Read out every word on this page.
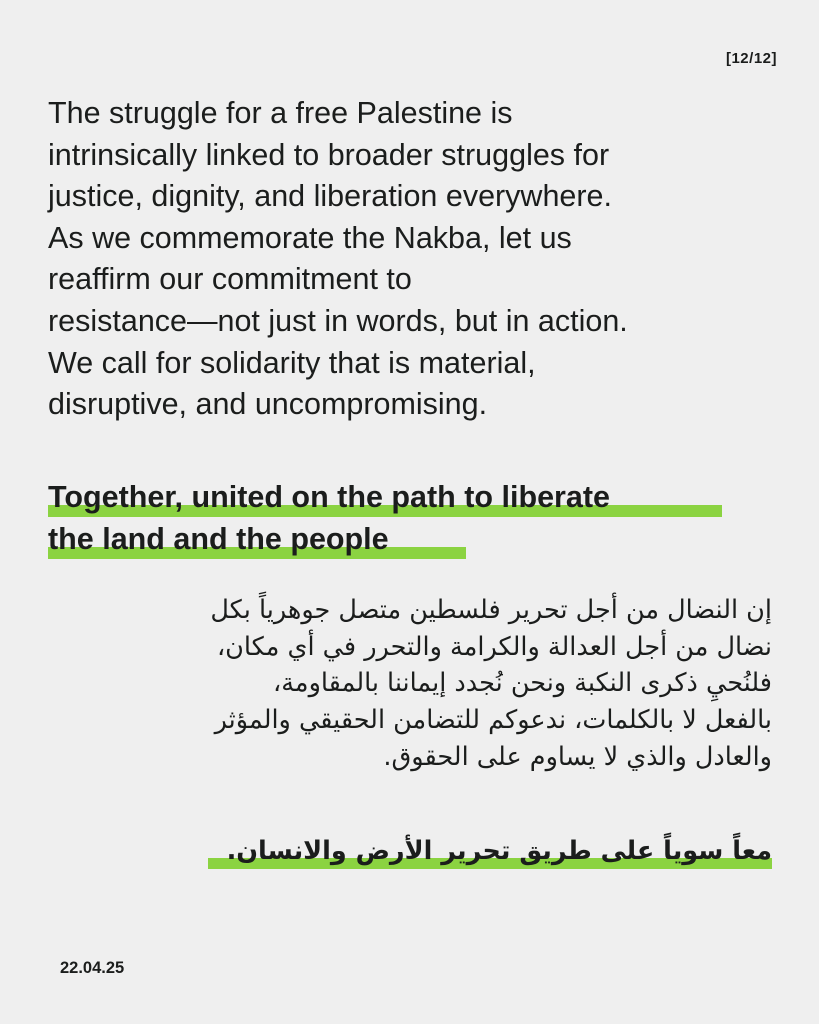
[12/12]

The struggle for a free Palestine is
intrinsically linked to broader struggles for
justice, dignity, and liberation everywhere.
As we commemorate the Nakba, let us
reaffirm our commitment to
resistance—not just in words, but in action.
We call for solidarity that is material,
disruptive, and uncompromising.

Together, united on the path to liberate
the land and the people

إن النضال من أجل تحرير فلسطين متصل جوهرياً بكل
نضال من أجل العدالة والكرامة والتحرر في أي مكان،
فلنُحيِ ذكرى النكبة ونحن نُجدد إيماننا بالمقاومة،
بالفعل لا بالكلمات، ندعوكم للتضامن الحقيقي والمؤثر
والعادل والذي لا يساوم على الحقوق.

معاً سوياً على طريق تحرير الأرض والانسان.
22.04.25
